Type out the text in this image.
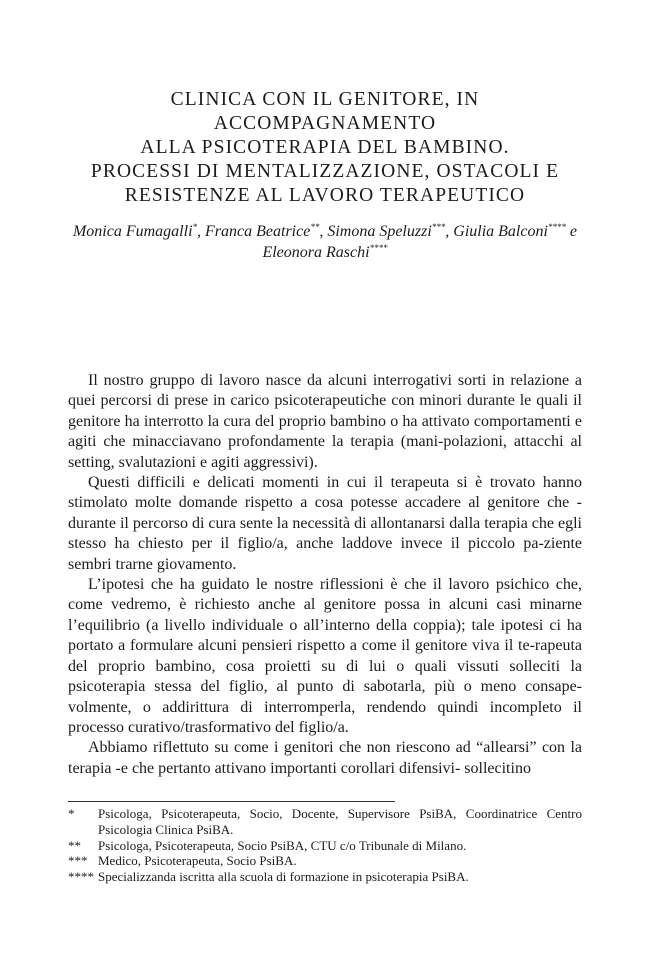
CLINICA CON IL GENITORE, IN
ACCOMPAGNAMENTO
ALLA PSICOTERAPIA DEL BAMBINO.
PROCESSI DI MENTALIZZAZIONE, OSTACOLI E
RESISTENZE AL LAVORO TERAPEUTICO
Monica Fumagalli*, Franca Beatrice**, Simona Speluzzi***, Giulia Balconi**** e Eleonora Raschi****

Il nostro gruppo di lavoro nasce da alcuni interrogativi sorti in relazione a quei percorsi di prese in carico psicoterapeutiche con minori durante le quali il genitore ha interrotto la cura del proprio bambino o ha attivato comportamenti e agiti che minacciavano profondamente la terapia (mani-polazioni, attacchi al setting, svalutazioni e agiti aggressivi).

Questi difficili e delicati momenti in cui il terapeuta si è trovato hanno stimolato molte domande rispetto a cosa potesse accadere al genitore che -durante il percorso di cura sente la necessità di allontanarsi dalla terapia che egli stesso ha chiesto per il figlio/a, anche laddove invece il piccolo pa-ziente sembri trarne giovamento.

L’ipotesi che ha guidato le nostre riflessioni è che il lavoro psichico che, come vedremo, è richiesto anche al genitore possa in alcuni casi minarne l’equilibrio (a livello individuale o all’interno della coppia); tale ipotesi ci ha portato a formulare alcuni pensieri rispetto a come il genitore viva il te-rapeuta del proprio bambino, cosa proietti su di lui o quali vissuti solleciti la psicoterapia stessa del figlio, al punto di sabotarla, più o meno consape-volmente, o addirittura di interromperla, rendendo quindi incompleto il processo curativo/trasformativo del figlio/a.

Abbiamo riflettuto su come i genitori che non riescono ad “allearsi” con la terapia -e che pertanto attivano importanti corollari difensivi- sollecitino

*	Psicologa, Psicoterapeuta, Socio, Docente, Supervisore PsiBA, Coordinatrice Centro Psicologia Clinica PsiBA.
**	Psicologa, Psicoterapeuta, Socio PsiBA, CTU c/o Tribunale di Milano.
*** Medico, Psicoterapeuta, Socio PsiBA.
**** Specializzanda iscritta alla scuola di formazione in psicoterapia PsiBA.
